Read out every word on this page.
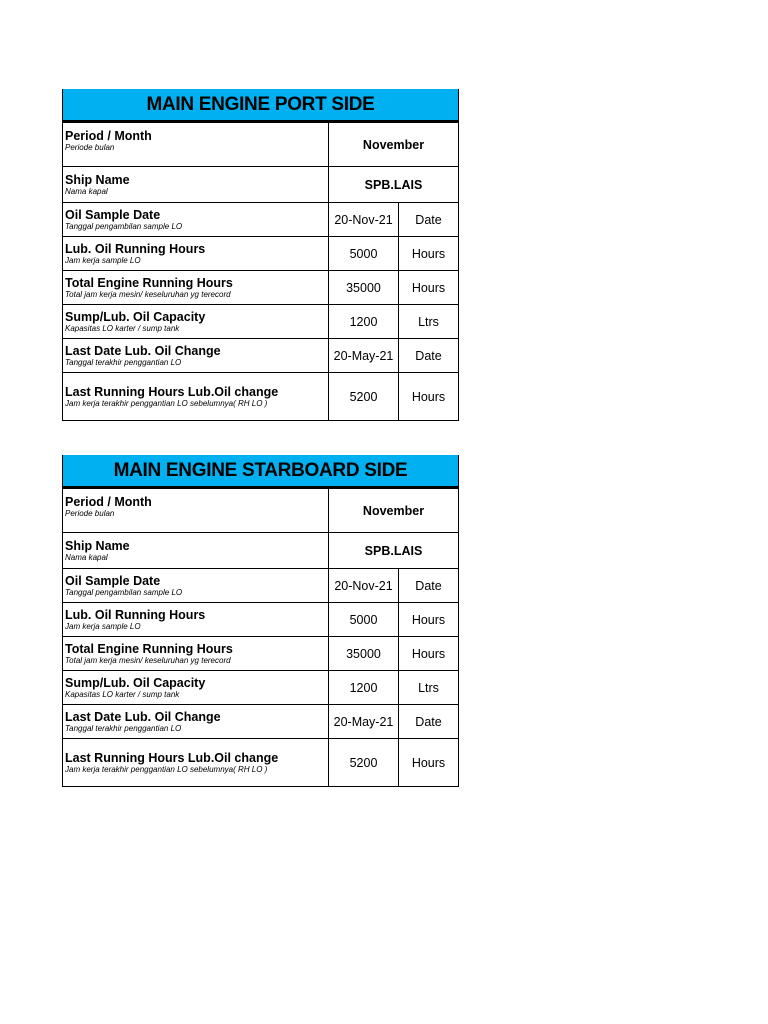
MAIN ENGINE PORT SIDE
Period / Month
Periode bulan	November
Ship Name
Nama kapal	SPB.LAIS
Oil Sample Date
Tanggal pengambilan sample LO	20-Nov-21	Date
Lub. Oil Running Hours
Jam kerja sample LO	5000	Hours
Total Engine Running Hours
Total jam kerja mesin/ keseluruhan yg terecord	35000	Hours
Sump/Lub. Oil Capacity
Kapasitas LO karter / sump tank	1200	Ltrs
Last Date Lub. Oil Change
Tanggal terakhir penggantian LO	20-May-21	Date
Last Running Hours Lub.Oil change
Jam kerja terakhir penggantian LO sebelumnya( RH LO )	5200	Hours
MAIN ENGINE STARBOARD SIDE
Period / Month
Periode bulan	November
Ship Name
Nama kapal	SPB.LAIS
Oil Sample Date
Tanggal pengambilan sample LO	20-Nov-21	Date
Lub. Oil Running Hours
Jam kerja sample LO	5000	Hours
Total Engine Running Hours
Total jam kerja mesin/ keseluruhan yg terecord	35000	Hours
Sump/Lub. Oil Capacity
Kapasitas LO karter / sump tank	1200	Ltrs
Last Date Lub. Oil Change
Tanggal terakhir penggantian LO	20-May-21	Date
Last Running Hours Lub.Oil change
Jam kerja terakhir penggantian LO sebelumnya( RH LO )	5200	Hours
